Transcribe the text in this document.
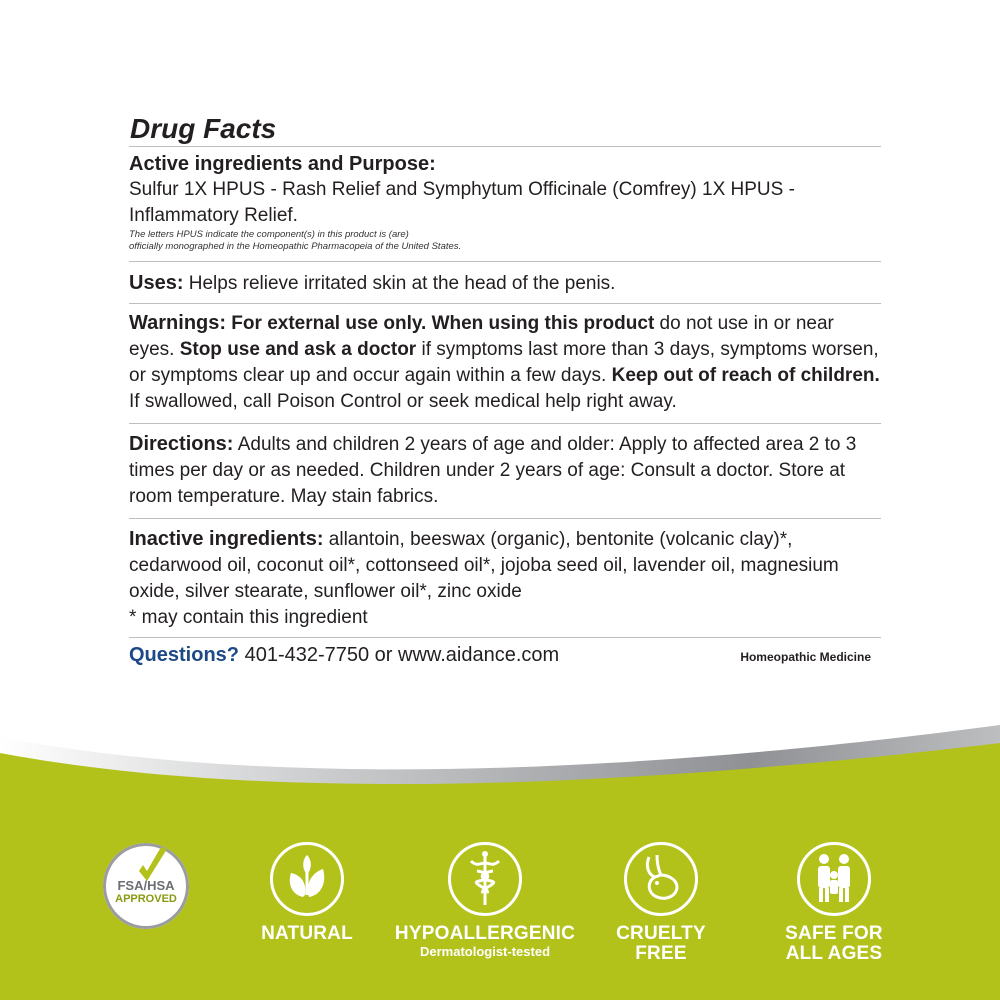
Drug Facts
Active ingredients and Purpose:
Sulfur 1X HPUS - Rash Relief and Symphytum Officinale (Comfrey) 1X HPUS - Inflammatory Relief.
The letters HPUS indicate the component(s) in this product is (are)
officially monographed in the Homeopathic Pharmacopeia of the United States.
Uses: Helps relieve irritated skin at the head of the penis.
Warnings: For external use only. When using this product do not use in or near eyes. Stop use and ask a doctor if symptoms last more than 3 days, symptoms worsen, or symptoms clear up and occur again within a few days. Keep out of reach of children. If swallowed, call Poison Control or seek medical help right away.
Directions: Adults and children 2 years of age and older: Apply to affected area 2 to 3 times per day or as needed. Children under 2 years of age: Consult a doctor. Store at room temperature. May stain fabrics.
Inactive ingredients: allantoin, beeswax (organic), bentonite (volcanic clay)*, cedarwood oil, coconut oil*, cottonseed oil*, jojoba seed oil, lavender oil, magnesium oxide, silver stearate, sunflower oil*, zinc oxide
* may contain this ingredient
Questions? 401-432-7750 or www.aidance.com	Homeopathic Medicine
FSA/HSA
APPROVED
NATURAL	HYPOALLERGENIC
Dermatologist-tested
CRUELTY
FREE
SAFE FOR
ALL AGES
